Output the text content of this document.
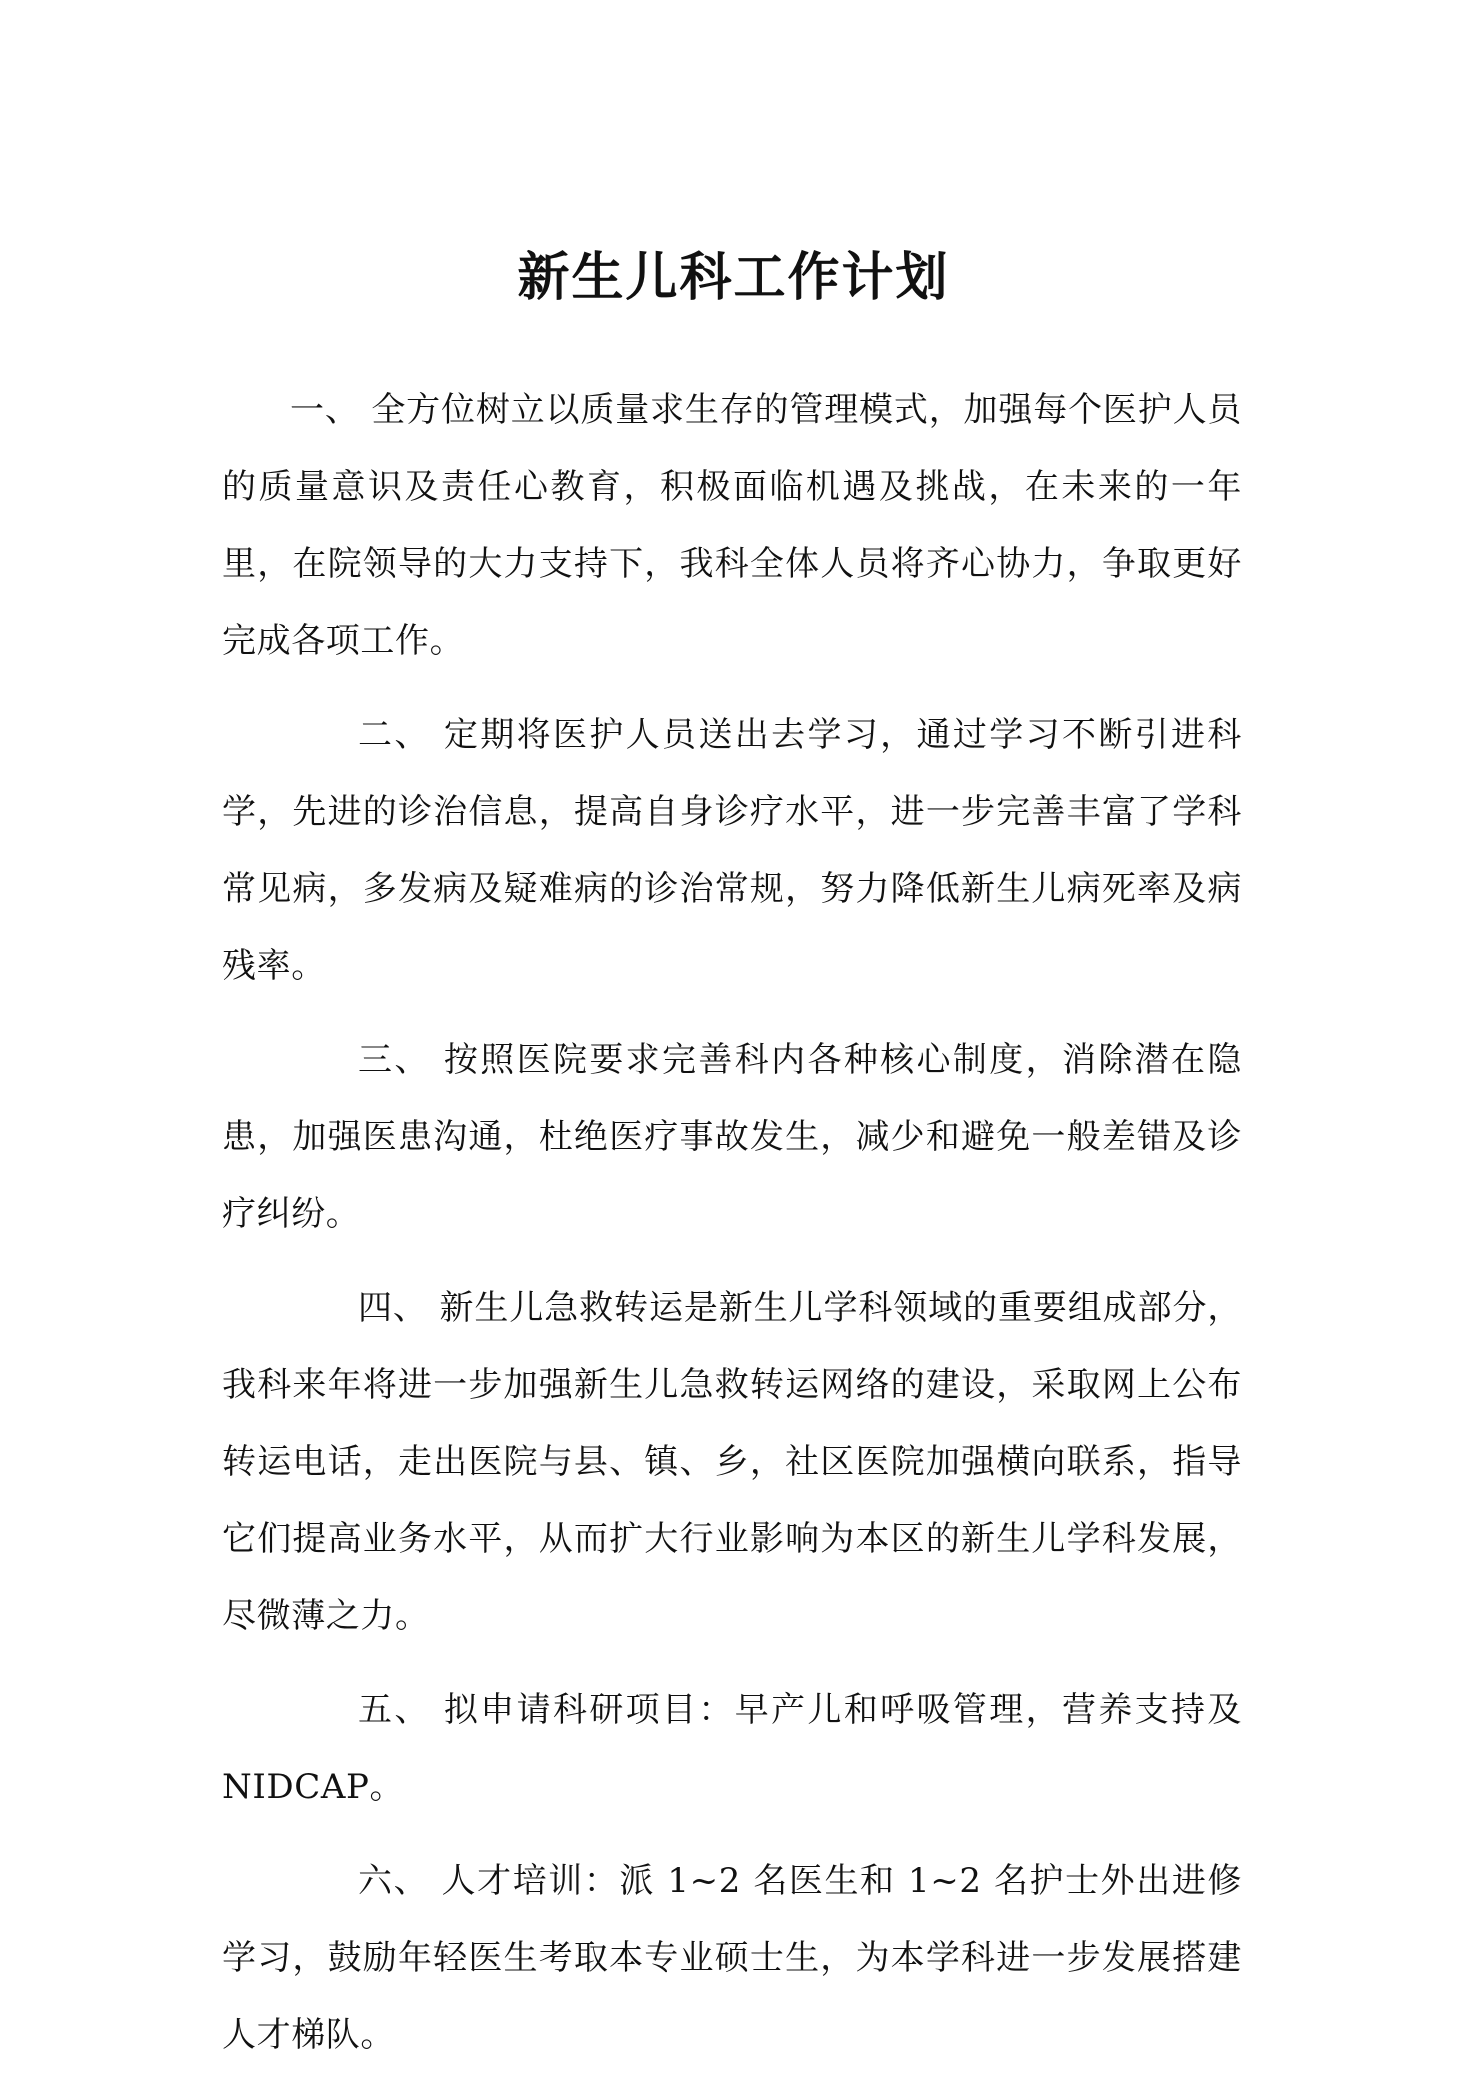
新生儿科工作计划

一、 全方位树立以质量求生存的管理模式，加强每个医护人员的质量意识及责任心教育，积极面临机遇及挑战，在未来的一年里，在院领导的大力支持下，我科全体人员将齐心协力，争取更好完成各项工作。

二、 定期将医护人员送出去学习，通过学习不断引进科学，先进的诊治信息，提高自身诊疗水平，进一步完善丰富了学科常见病，多发病及疑难病的诊治常规，努力降低新生儿病死率及病残率。

三、 按照医院要求完善科内各种核心制度，消除潜在隐患，加强医患沟通，杜绝医疗事故发生，减少和避免一般差错及诊疗纠纷。

四、 新生儿急救转运是新生儿学科领域的重要组成部分，我科来年将进一步加强新生儿急救转运网络的建设，采取网上公布转运电话，走出医院与县、镇、乡，社区医院加强横向联系，指导它们提高业务水平，从而扩大行业影响为本区的新生儿学科发展，尽微薄之力。

五、 拟申请科研项目：早产儿和呼吸管理，营养支持及NIDCAP。

六、 人才培训：派 1~2 名医生和 1~2 名护士外出进修学习，鼓励年轻医生考取本专业硕士生，为本学科进一步发展搭建人才梯队。
